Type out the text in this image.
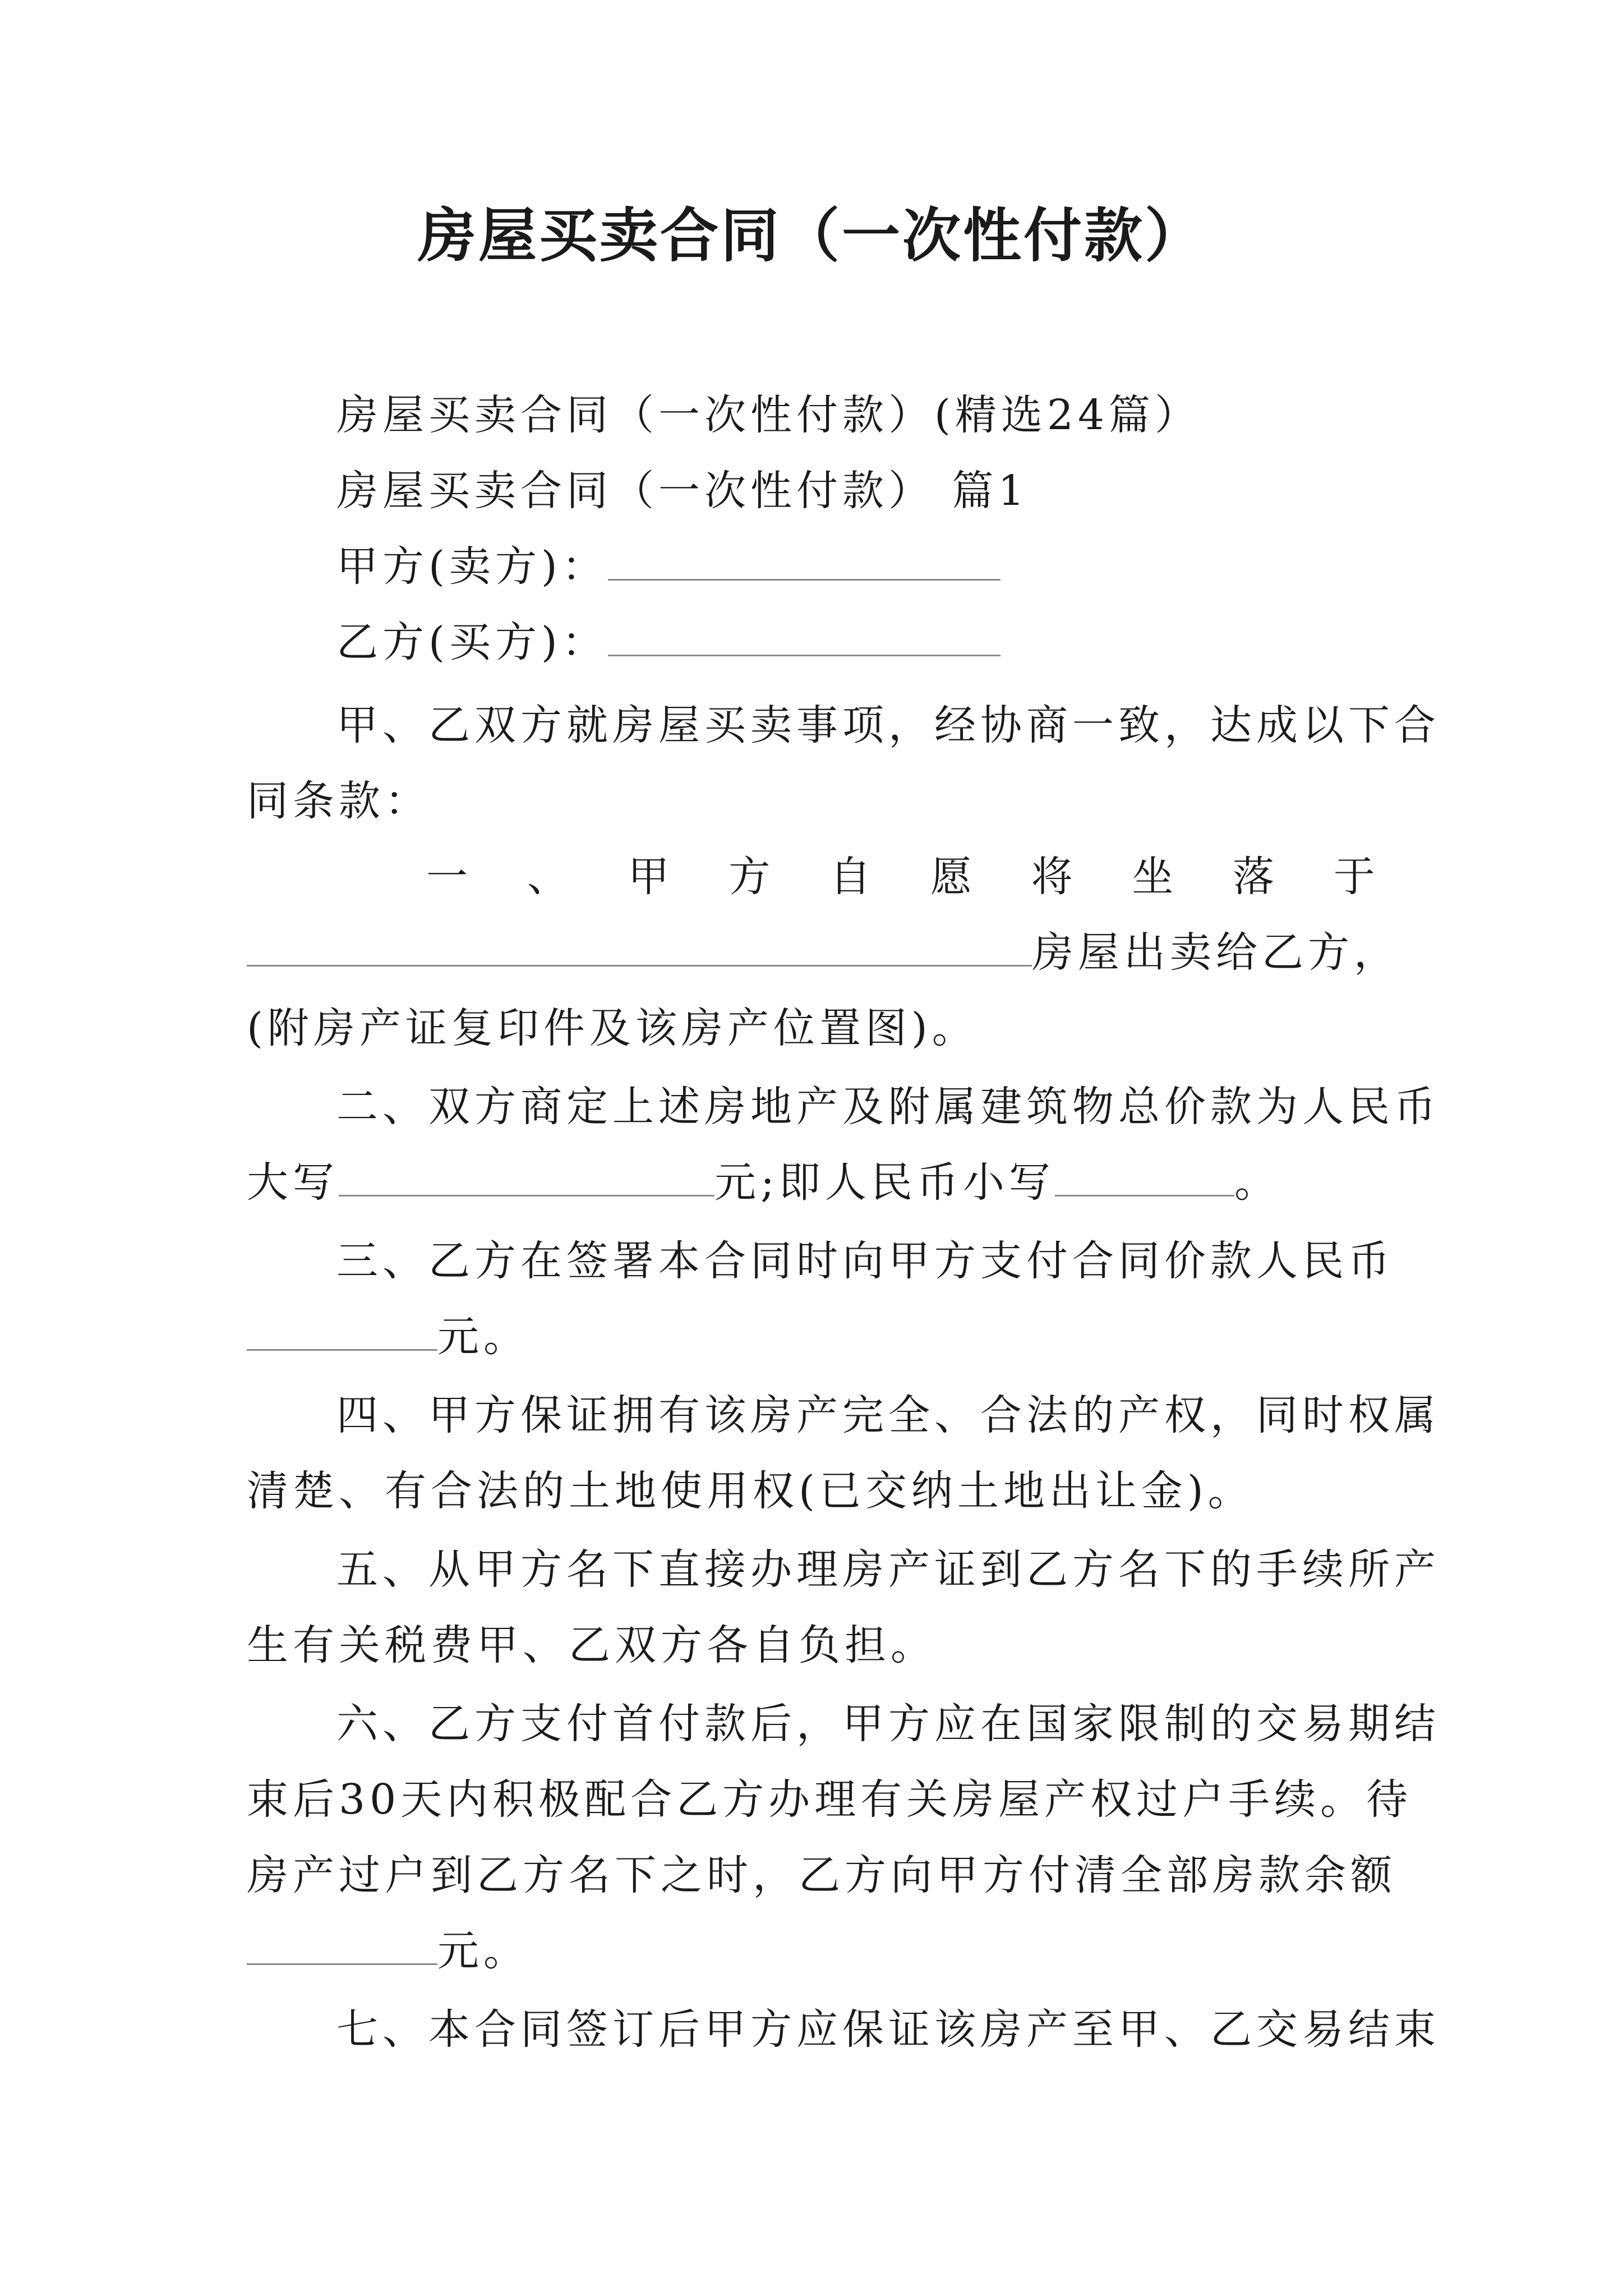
房屋买卖合同（一次性付款）
房屋买卖合同（一次性付款）(精选24篇）
房屋买卖合同（一次性付款） 篇1
甲方(卖方)：
乙方(买方)：
甲、乙双方就房屋买卖事项，经协商一致，达成以下合
同条款：
一 、 甲 方 自 愿 将 坐 落 于
房屋出卖给乙方，
(附房产证复印件及该房产位置图)。
二、双方商定上述房地产及附属建筑物总价款为人民币
大写	元;即人民币小写	。
三、乙方在签署本合同时向甲方支付合同价款人民币
元。
四、甲方保证拥有该房产完全、合法的产权，同时权属
清楚、有合法的土地使用权(已交纳土地出让金)。
五、从甲方名下直接办理房产证到乙方名下的手续所产
生有关税费甲、乙双方各自负担。
六、乙方支付首付款后，甲方应在国家限制的交易期结
束后30天内积极配合乙方办理有关房屋产权过户手续。待
房产过户到乙方名下之时，乙方向甲方付清全部房款余额
元。
七、本合同签订后甲方应保证该房产至甲、乙交易结束
